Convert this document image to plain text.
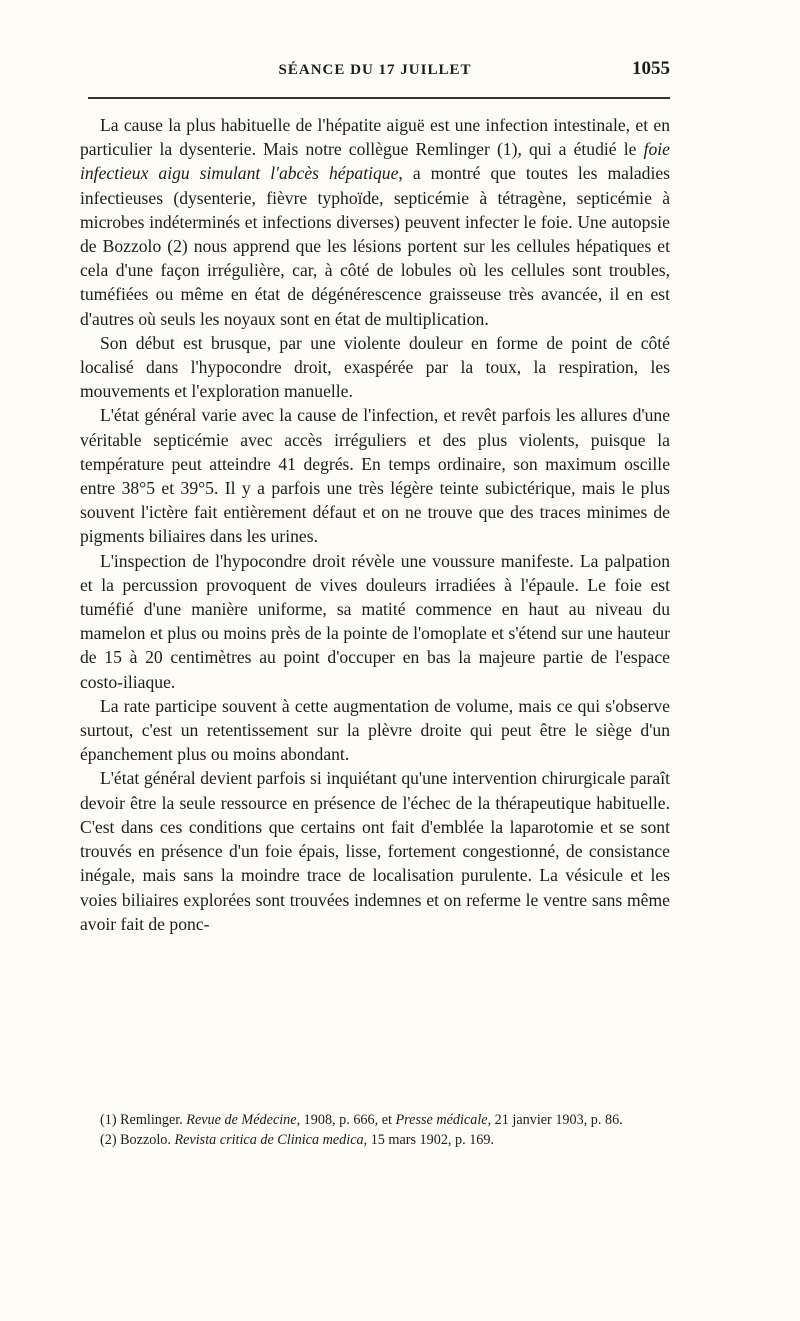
SÉANCE DU 17 JUILLET	1055

La cause la plus habituelle de l'hépatite aiguë est une infection intestinale, et en particulier la dysenterie. Mais notre collègue Remlinger (1), qui a étudié le foie infectieux aigu simulant l'abcès hépatique, a montré que toutes les maladies infectieuses (dysenterie, fièvre typhoïde, septicémie à tétragène, septicémie à microbes indéterminés et infections diverses) peuvent infecter le foie. Une autopsie de Bozzolo (2) nous apprend que les lésions portent sur les cellules hépatiques et cela d'une façon irrégulière, car, à côté de lobules où les cellules sont troubles, tuméfiées ou même en état de dégénérescence graisseuse très avancée, il en est d'autres où seuls les noyaux sont en état de multiplication.

Son début est brusque, par une violente douleur en forme de point de côté localisé dans l'hypocondre droit, exaspérée par la toux, la respiration, les mouvements et l'exploration manuelle.

L'état général varie avec la cause de l'infection, et revêt parfois les allures d'une véritable septicémie avec accès irréguliers et des plus violents, puisque la température peut atteindre 41 degrés. En temps ordinaire, son maximum oscille entre 38°5 et 39°5. Il y a parfois une très légère teinte subictérique, mais le plus souvent l'ictère fait entièrement défaut et on ne trouve que des traces minimes de pigments biliaires dans les urines.

L'inspection de l'hypocondre droit révèle une voussure manifeste. La palpation et la percussion provoquent de vives douleurs irradiées à l'épaule. Le foie est tuméfié d'une manière uniforme, sa matité commence en haut au niveau du mamelon et plus ou moins près de la pointe de l'omoplate et s'étend sur une hauteur de 15 à 20 centimètres au point d'occuper en bas la majeure partie de l'espace costo-iliaque.

La rate participe souvent à cette augmentation de volume, mais ce qui s'observe surtout, c'est un retentissement sur la plèvre droite qui peut être le siège d'un épanchement plus ou moins abondant.

L'état général devient parfois si inquiétant qu'une intervention chirurgicale paraît devoir être la seule ressource en présence de l'échec de la thérapeutique habituelle. C'est dans ces conditions que certains ont fait d'emblée la laparotomie et se sont trouvés en présence d'un foie épais, lisse, fortement congestionné, de consistance inégale, mais sans la moindre trace de localisation purulente. La vésicule et les voies biliaires explorées sont trouvées indemnes et on referme le ventre sans même avoir fait de ponc-

(1) Remlinger. Revue de Médecine, 1908, p. 666, et Presse médicale, 21 janvier 1903, p. 86.

(2) Bozzolo. Revista critica de Clinica medica, 15 mars 1902, p. 169.
